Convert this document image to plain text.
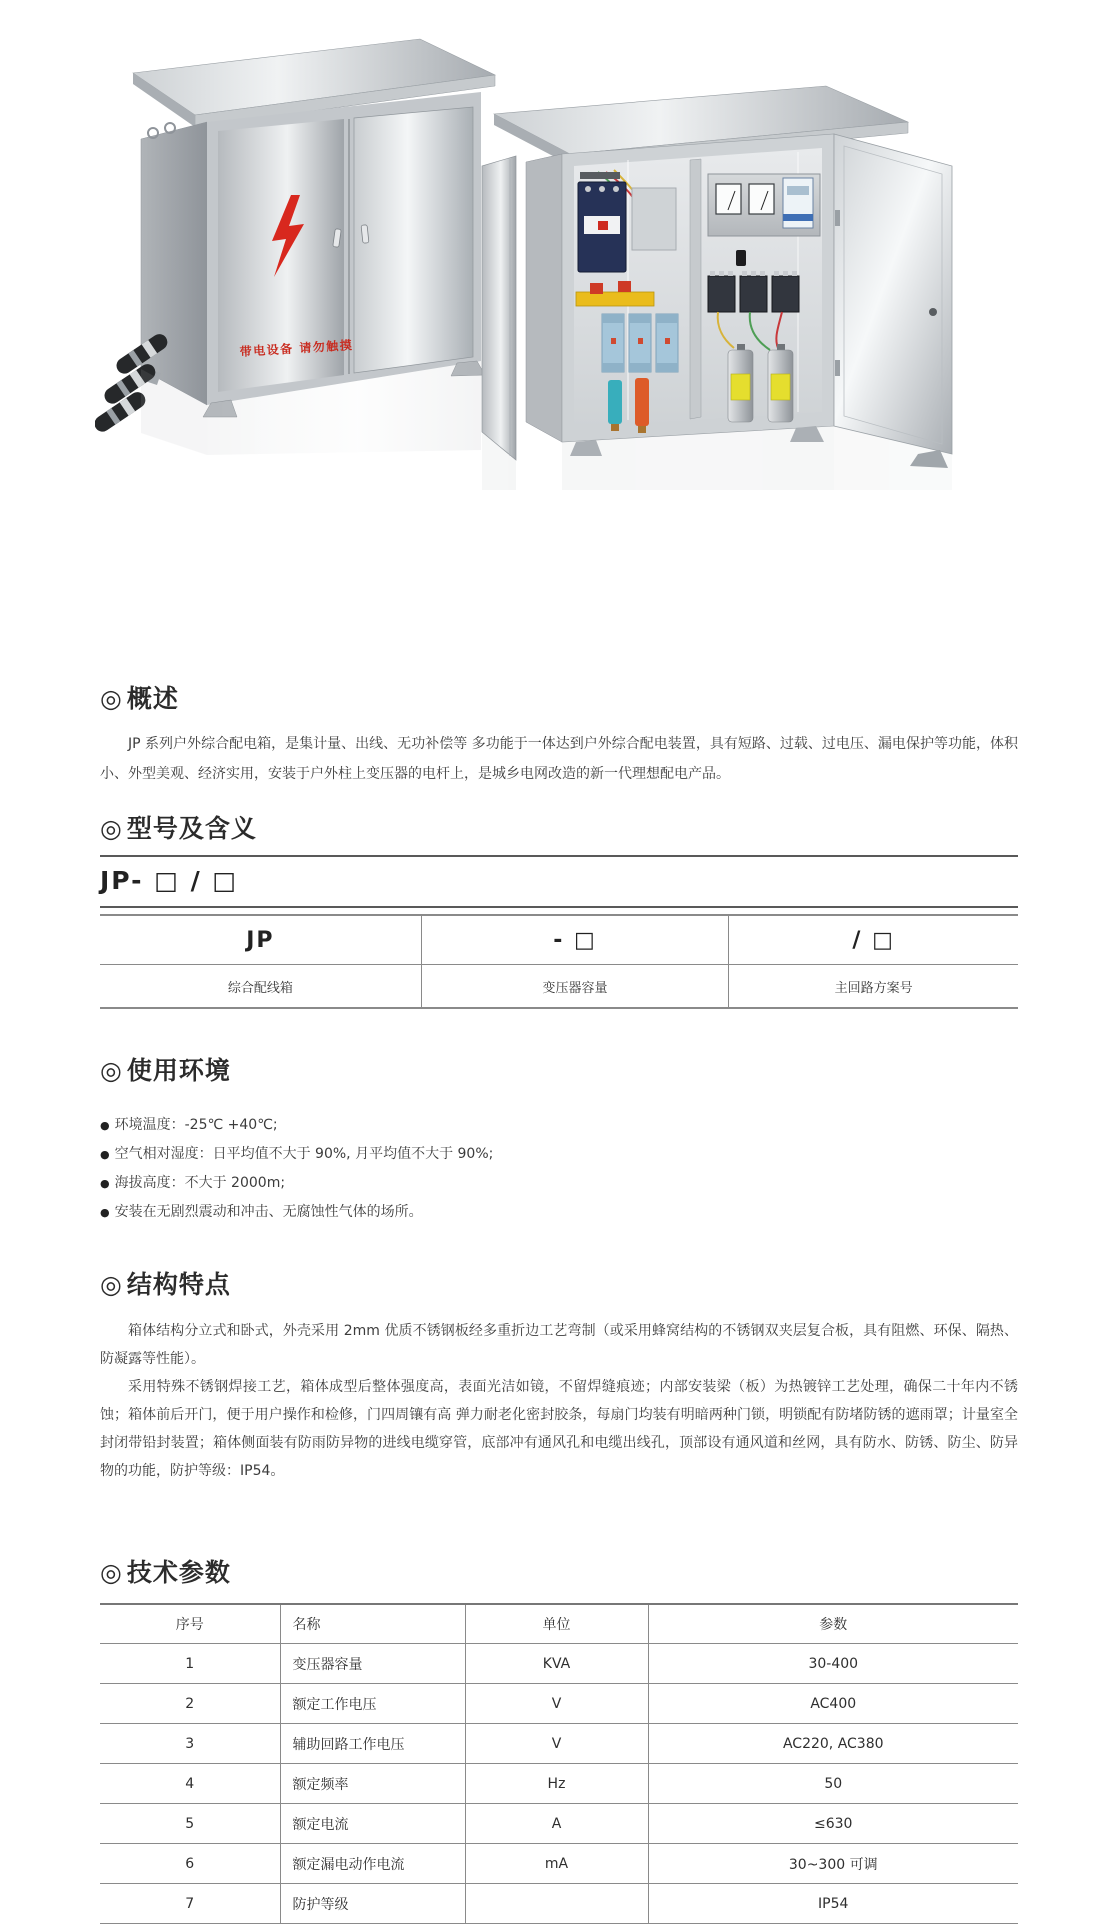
带电设备 请勿触摸
◎ 概述

JP 系列户外综合配电箱，是集计量、出线、无功补偿等 多功能于一体达到户外综合配电装置，具有短路、过载、过电压、漏电保护等功能，体积小、外型美观、经济实用，安装于户外柱上变压器的电杆上，是城乡电网改造的新一代理想配电产品。

◎ 型号及含义
JP- □ / □
JP	- □	/ □
综合配线箱	变压器容量	主回路方案号
◎ 使用环境
● 环境温度：-25℃ +40℃;
● 空气相对湿度：日平均值不大于 90%, 月平均值不大于 90%;
● 海拔高度：不大于 2000m;
● 安装在无剧烈震动和冲击、无腐蚀性气体的场所。
◎ 结构特点

箱体结构分立式和卧式，外壳采用 2mm 优质不锈钢板经多重折边工艺弯制（或采用蜂窝结构的不锈钢双夹层复合板，具有阻燃、环保、隔热、防凝露等性能）。

采用特殊不锈钢焊接工艺，箱体成型后整体强度高，表面光洁如镜，不留焊缝痕迹；内部安装梁（板）为热镀锌工艺处理，确保二十年内不锈蚀；箱体前后开门，便于用户操作和检修，门四周镶有高 弹力耐老化密封胶条，每扇门均装有明暗两种门锁，明锁配有防堵防锈的遮雨罩；计量室全封闭带铅封装置；箱体侧面装有防雨防异物的进线电缆穿管，底部冲有通风孔和电缆出线孔，顶部设有通风道和丝网，具有防水、防锈、防尘、防异物的功能，防护等级：IP54。

◎ 技术参数
序号	名称	单位	参数
1	变压器容量	KVA	30-400
2	额定工作电压	V	AC400
3	辅助回路工作电压	V	AC220, AC380
4	额定频率	Hz	50
5	额定电流	A	≤630
6	额定漏电动作电流	mA	30~300 可调
7	防护等级		IP54
